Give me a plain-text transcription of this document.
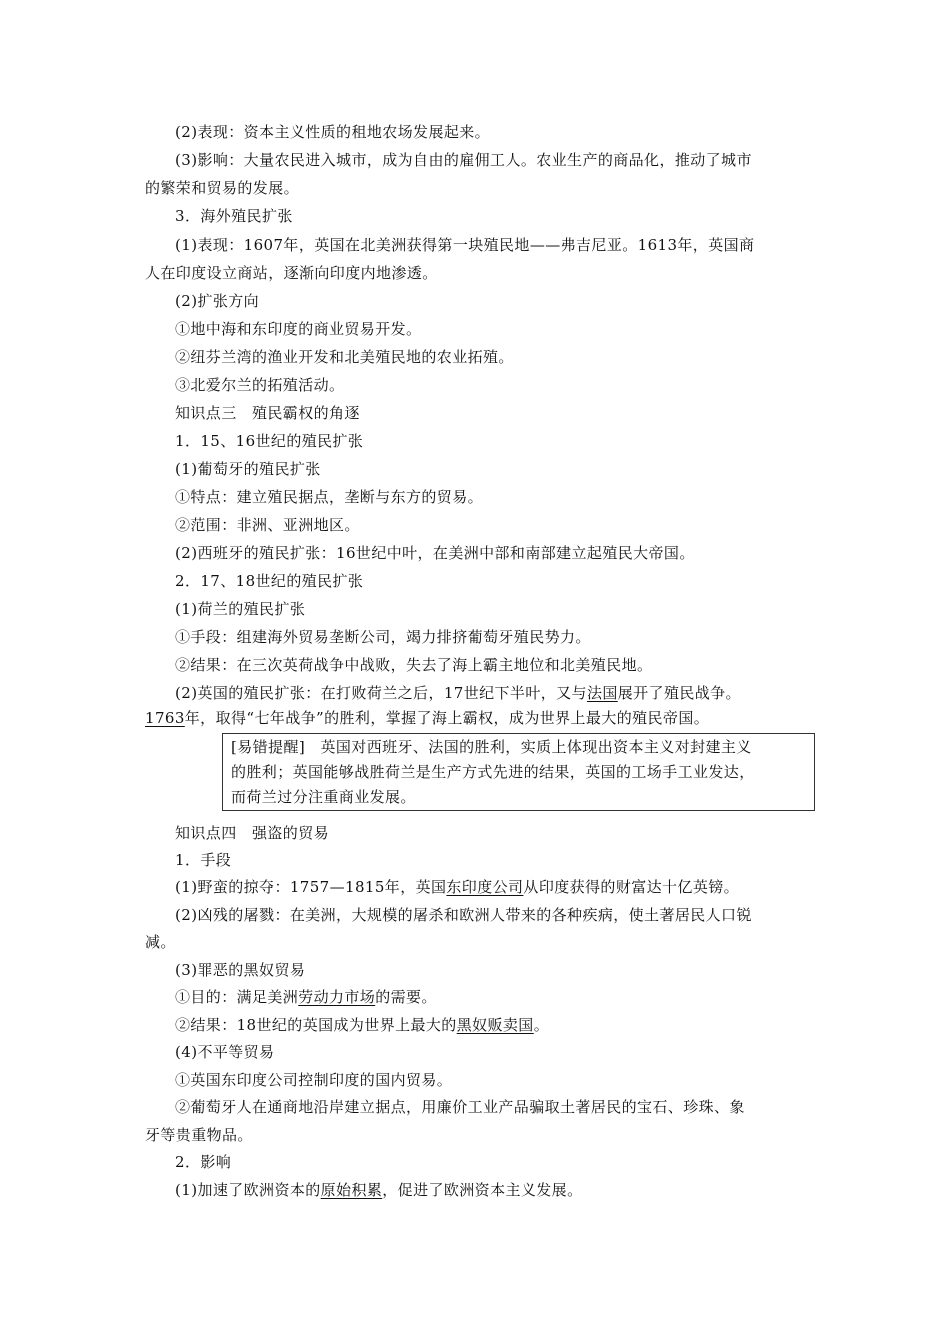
(2)表现：资本主义性质的租地农场发展起来。
(3)影响：大量农民进入城市，成为自由的雇佣工人。农业生产的商品化，推动了城市
的繁荣和贸易的发展。
3．海外殖民扩张
(1)表现：1607年，英国在北美洲获得第一块殖民地——弗吉尼亚。1613年，英国商
人在印度设立商站，逐渐向印度内地渗透。
(2)扩张方向
①地中海和东印度的商业贸易开发。
②纽芬兰湾的渔业开发和北美殖民地的农业拓殖。
③北爱尔兰的拓殖活动。
知识点三　殖民霸权的角逐
1．15、16世纪的殖民扩张
(1)葡萄牙的殖民扩张
①特点：建立殖民据点，垄断与东方的贸易。
②范围：非洲、亚洲地区。
(2)西班牙的殖民扩张：16世纪中叶，在美洲中部和南部建立起殖民大帝国。
2．17、18世纪的殖民扩张
(1)荷兰的殖民扩张
①手段：组建海外贸易垄断公司，竭力排挤葡萄牙殖民势力。
②结果：在三次英荷战争中战败，失去了海上霸主地位和北美殖民地。
(2)英国的殖民扩张：在打败荷兰之后，17世纪下半叶，又与法国展开了殖民战争。
1763年，取得“七年战争”的胜利，掌握了海上霸权，成为世界上最大的殖民帝国。
[易错提醒]　英国对西班牙、法国的胜利，实质上体现出资本主义对封建主义
的胜利；英国能够战胜荷兰是生产方式先进的结果，英国的工场手工业发达，
而荷兰过分注重商业发展。
知识点四　强盗的贸易
1．手段
(1)野蛮的掠夺：1757—1815年，英国东印度公司从印度获得的财富达十亿英镑。
(2)凶残的屠戮：在美洲，大规模的屠杀和欧洲人带来的各种疾病，使土著居民人口锐
减。
(3)罪恶的黑奴贸易
①目的：满足美洲劳动力市场的需要。
②结果：18世纪的英国成为世界上最大的黑奴贩卖国。
(4)不平等贸易
①英国东印度公司控制印度的国内贸易。
②葡萄牙人在通商地沿岸建立据点，用廉价工业产品骗取土著居民的宝石、珍珠、象
牙等贵重物品。
2．影响
(1)加速了欧洲资本的原始积累，促进了欧洲资本主义发展。
